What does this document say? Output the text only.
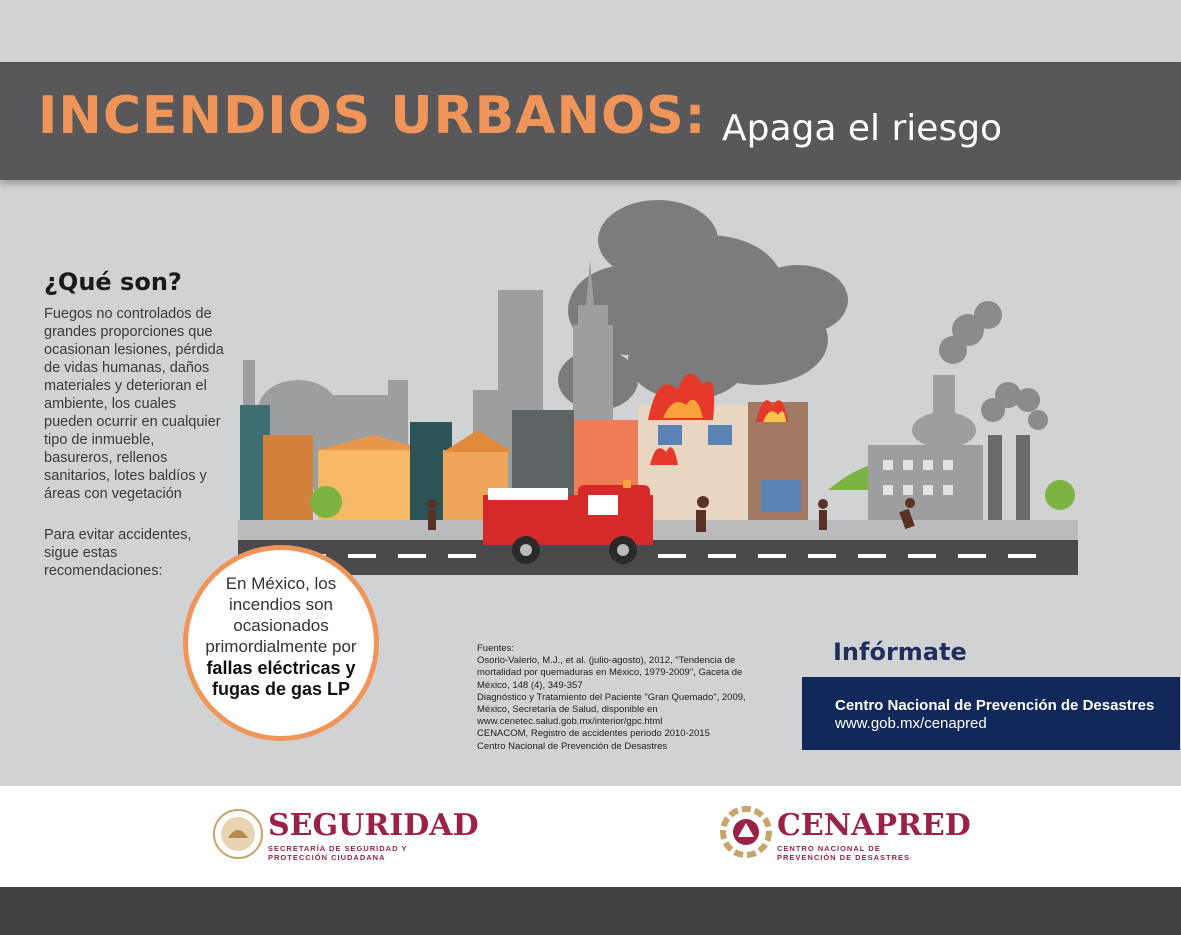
INCENDIOS URBANOS: Apaga el riesgo
¿Qué son?
Fuegos no controlados de grandes proporciones que ocasionan lesiones, pérdida de vidas humanas, daños materiales y deterioran el ambiente, los cuales pueden ocurrir en cualquier tipo de inmueble, basureros, rellenos sanitarios, lotes baldíos y áreas con vegetación
Para evitar accidentes, sigue estas recomendaciones:
En México, los incendios son ocasionados primordialmente por
fallas eléctricas y fugas de gas LP

Fuentes:

Osorio-Valerio, M.J., et al. (julio-agosto), 2012, "Tendencia de mortalidad por quemaduras en México, 1979-2009", Gaceta de México, 148 (4), 349-357

Diagnóstico y Tratamiento del Paciente "Gran Quemado", 2009, México, Secretaría de Salud, disponible en www.cenetec.salud.gob.mx/interior/gpc.html

CENACOM, Registro de accidentes periodo 2010-2015

Centro Nacional de Prevención de Desastres

Infórmate
Centro Nacional de Prevención de Desastres
www.gob.mx/cenapred
SEGURIDAD
SECRETARÍA DE SEGURIDAD Y PROTECCIÓN CIUDADANA
CENAPRED
CENTRO NACIONAL DE PREVENCIÓN DE DESASTRES
